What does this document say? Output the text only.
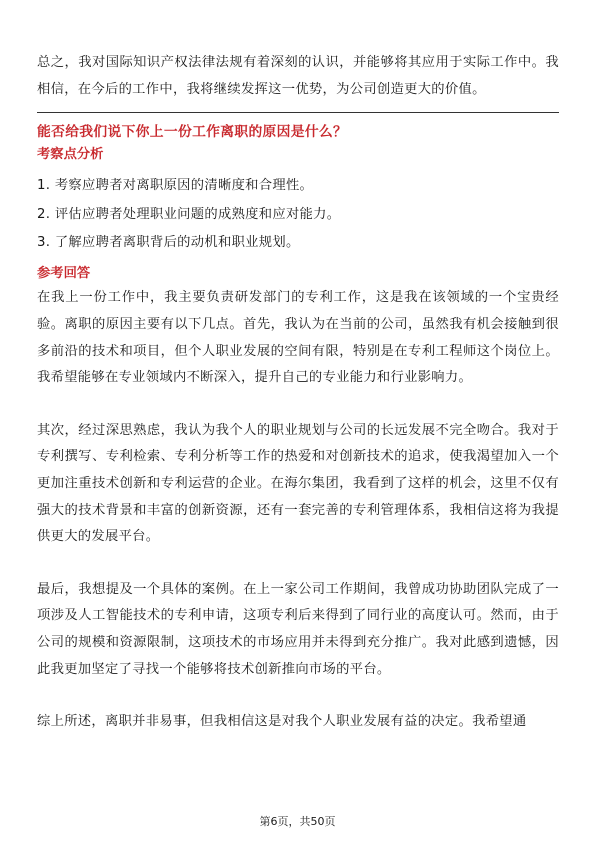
总之，我对国际知识产权法律法规有着深刻的认识，并能够将其应用于实际工作中。我相信，在今后的工作中，我将继续发挥这一优势，为公司创造更大的价值。

能否给我们说下你上一份工作离职的原因是什么？

考察点分析

1. 考察应聘者对离职原因的清晰度和合理性。

2. 评估应聘者处理职业问题的成熟度和应对能力。

3. 了解应聘者离职背后的动机和职业规划。

参考回答

在我上一份工作中，我主要负责研发部门的专利工作，这是我在该领域的一个宝贵经验。离职的原因主要有以下几点。首先，我认为在当前的公司，虽然我有机会接触到很多前沿的技术和项目，但个人职业发展的空间有限，特别是在专利工程师这个岗位上。我希望能够在专业领域内不断深入，提升自己的专业能力和行业影响力。

其次，经过深思熟虑，我认为我个人的职业规划与公司的长远发展不完全吻合。我对于专利撰写、专利检索、专利分析等工作的热爱和对创新技术的追求，使我渴望加入一个更加注重技术创新和专利运营的企业。在海尔集团，我看到了这样的机会，这里不仅有强大的技术背景和丰富的创新资源，还有一套完善的专利管理体系，我相信这将为我提供更大的发展平台。

最后，我想提及一个具体的案例。在上一家公司工作期间，我曾成功协助团队完成了一项涉及人工智能技术的专利申请，这项专利后来得到了同行业的高度认可。然而，由于公司的规模和资源限制，这项技术的市场应用并未得到充分推广。我对此感到遗憾，因此我更加坚定了寻找一个能够将技术创新推向市场的平台。

综上所述，离职并非易事，但我相信这是对我个人职业发展有益的决定。我希望通

第6页，共50页
